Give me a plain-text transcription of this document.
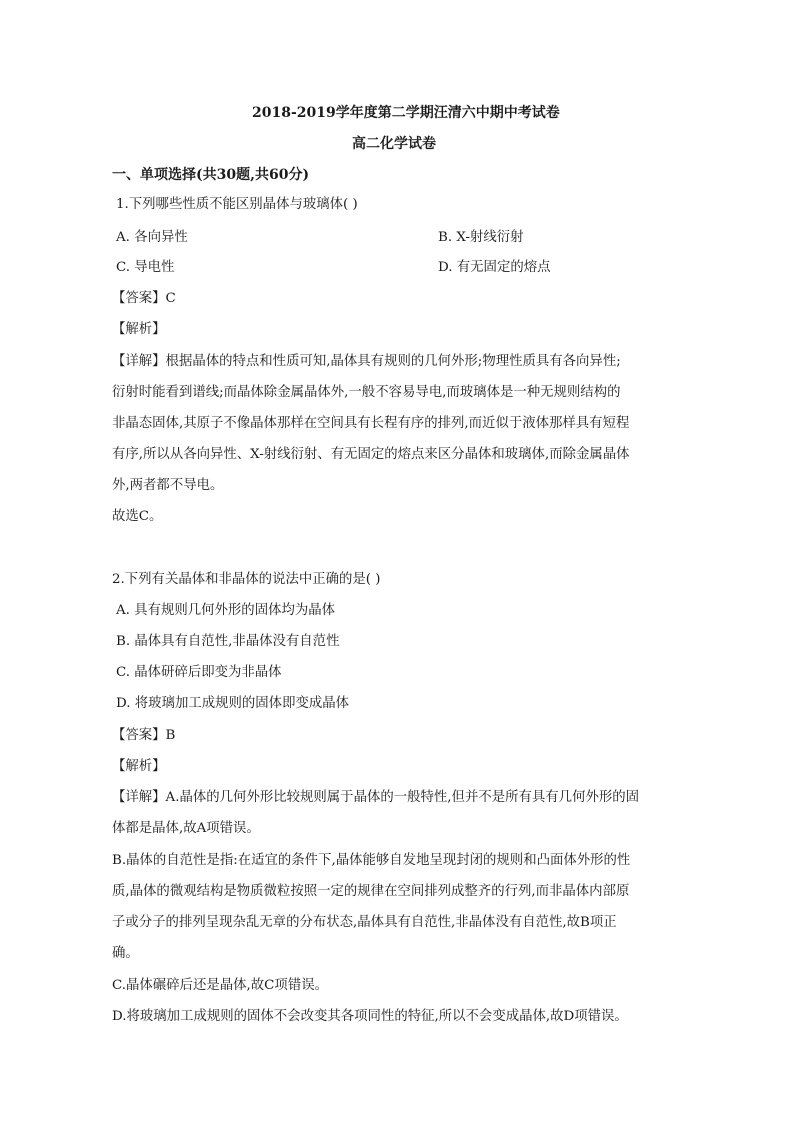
2018-2019学年度第二学期汪清六中期中考试卷
高二化学试卷
一、单项选择(共30题,共60分)
1.下列哪些性质不能区别晶体与玻璃体( )
A. 各向异性	B. X-射线衍射
C. 导电性	D. 有无固定的熔点
【答案】C
【解析】
【详解】根据晶体的特点和性质可知,晶体具有规则的几何外形;物理性质具有各向异性;
衍射时能看到谱线;而晶体除金属晶体外,一般不容易导电,而玻璃体是一种无规则结构的
非晶态固体,其原子不像晶体那样在空间具有长程有序的排列,而近似于液体那样具有短程
有序,所以从各向异性、X-射线衍射、有无固定的熔点来区分晶体和玻璃体,而除金属晶体
外,两者都不导电。
故选C。
2.下列有关晶体和非晶体的说法中正确的是( )
A. 具有规则几何外形的固体均为晶体
B. 晶体具有自范性,非晶体没有自范性
C. 晶体研碎后即变为非晶体
D. 将玻璃加工成规则的固体即变成晶体
【答案】B
【解析】
【详解】A.晶体的几何外形比较规则属于晶体的一般特性,但并不是所有具有几何外形的固
体都是晶体,故A项错误。
B.晶体的自范性是指:在适宜的条件下,晶体能够自发地呈现封闭的规则和凸面体外形的性
质,晶体的微观结构是物质微粒按照一定的规律在空间排列成整齐的行列,而非晶体内部原
子或分子的排列呈现杂乱无章的分布状态,晶体具有自范性,非晶体没有自范性,故B项正
确。
C.晶体碾碎后还是晶体,故C项错误。
D.将玻璃加工成规则的固体不会改变其各项同性的特征,所以不会变成晶体,故D项错误。
